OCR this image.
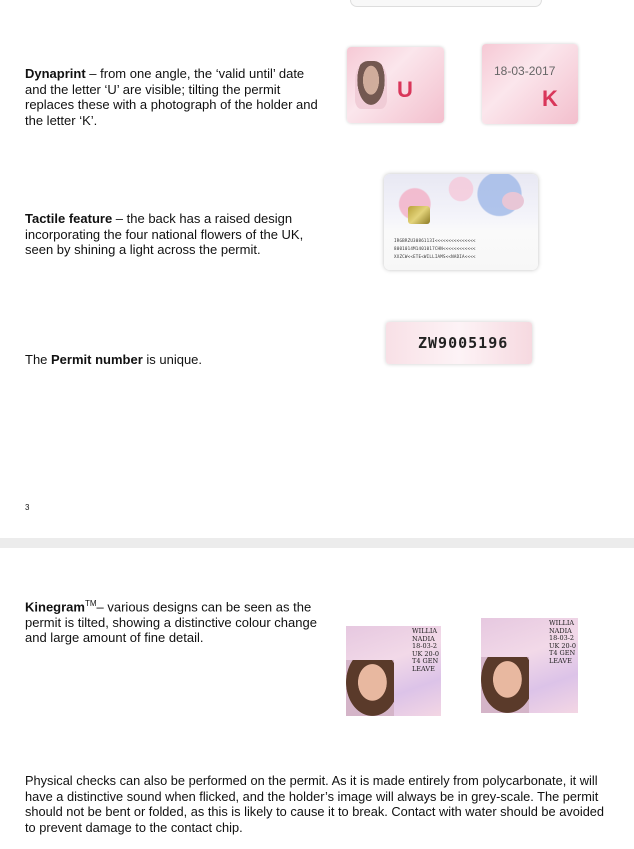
Dynaprint – from one angle, the ‘valid until’ date and the letter ‘U’ are visible; tilting the permit replaces these with a photograph of the holder and the letter ‘K’.
U
18-03-2017
K
Tactile feature – the back has a raised design incorporating the four national flowers of the UK, seen by shining a light across the permit.
IRGBRZU3086113I<<<<<<<<<<<<<<<
8001014M1401017CHN<<<<<<<<<<<<
XXZCW<<ETE<WILLIAMS<<NADIA<<<<
The Permit number is unique.
ZW9005196
3
Kinegram™– various designs can be seen as the permit is tilted, showing a distinctive colour change and large amount of fine detail.	WILLIA
NADIA
18-03-2
UK 20-0
T4 GEN
LEAVE
WILLIA
NADIA
18-03-2
UK 20-0
T4 GEN
LEAVE
Physical checks can also be performed on the permit. As it is made entirely from polycarbonate, it will have a distinctive sound when flicked, and the holder’s image will always be in grey-scale. The permit should not be bent or folded, as this is likely to cause it to break. Contact with water should be avoided to prevent damage to the contact chip.
